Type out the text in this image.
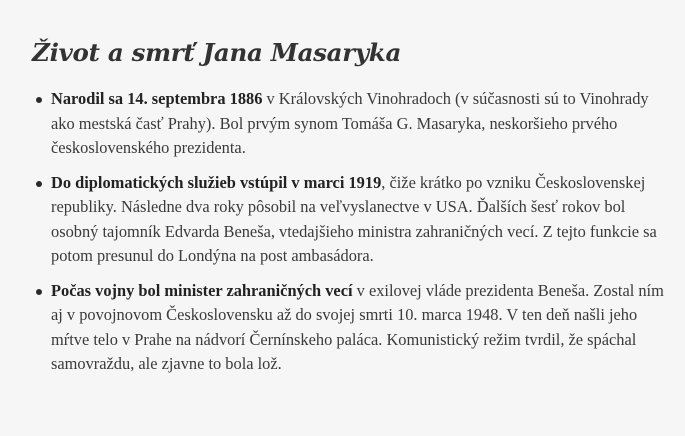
Život a smrť Jana Masaryka
Narodil sa 14. septembra 1886 v Královských Vinohradoch (v súčasnosti sú to Vinohrady ako mestská časť Prahy). Bol prvým synom Tomáša G. Masaryka, neskoršieho prvého československého prezidenta.
Do diplomatických služieb vstúpil v marci 1919, čiže krátko po vzniku Československej republiky. Následne dva roky pôsobil na veľvyslanectve v USA. Ďalších šesť rokov bol osobný tajomník Edvarda Beneša, vtedajšieho ministra zahraničných vecí. Z tejto funkcie sa potom presunul do Londýna na post ambasádora.
Počas vojny bol minister zahraničných vecí v exilovej vláde prezidenta Beneša. Zostal ním aj v povojnovom Československu až do svojej smrti 10. marca 1948. V ten deň našli jeho mŕtve telo v Prahe na nádvorí Černínskeho paláca. Komunistický režim tvrdil, že spáchal samovraždu, ale zjavne to bola lož.
